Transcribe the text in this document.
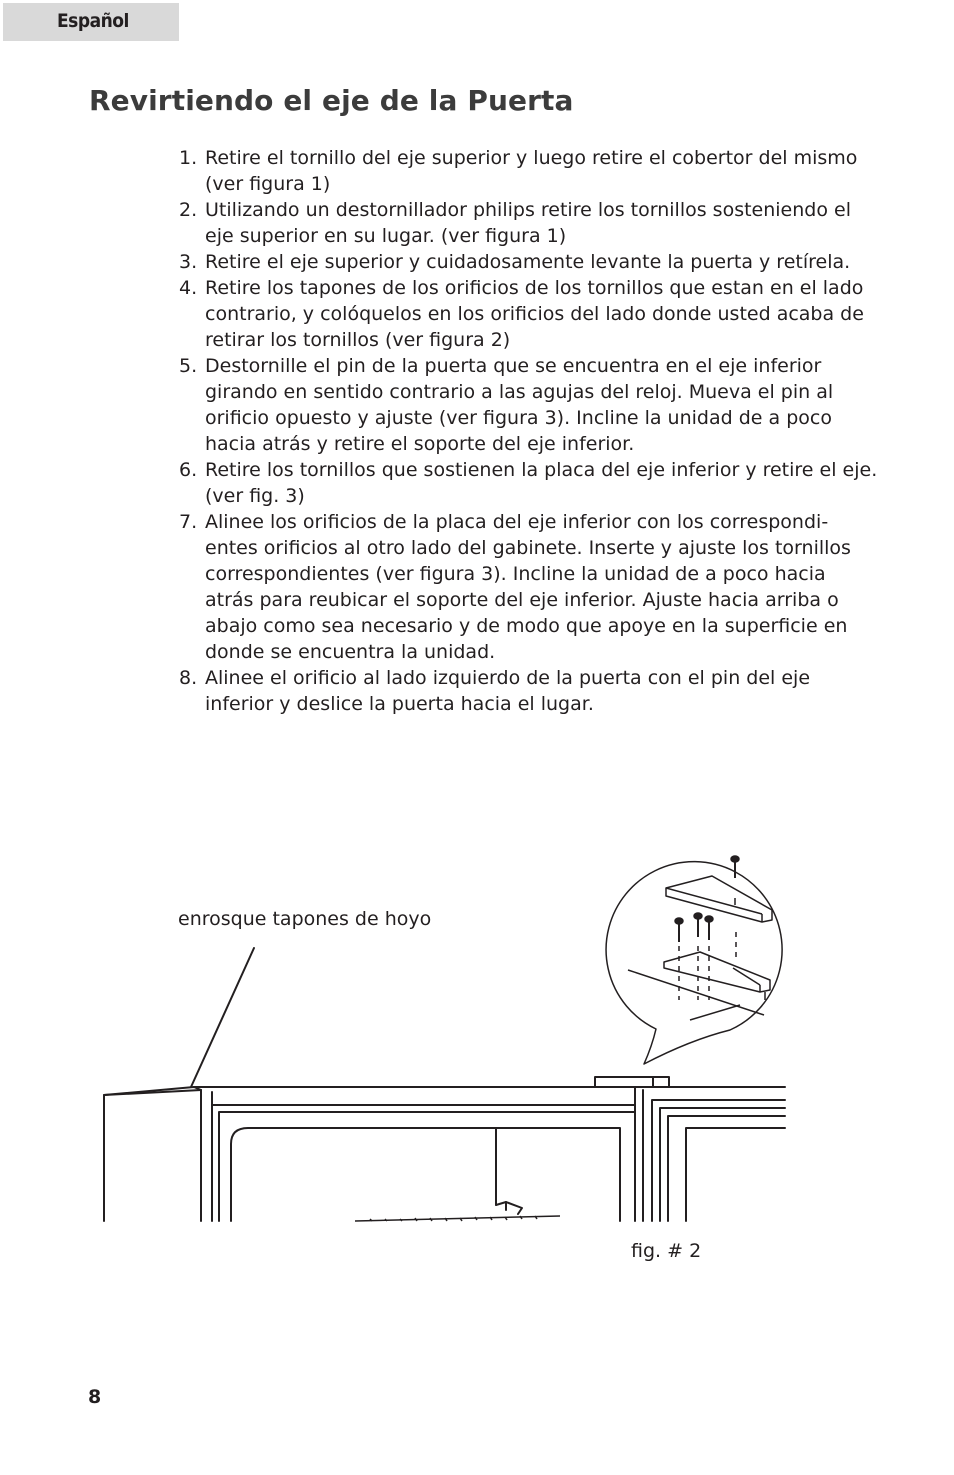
Español
Revirtiendo el eje de la Puerta
1. Retire el tornillo del eje superior y luego retire el cobertor del mismo (ver figura 1)
2. Utilizando un destornillador philips retire los tornillos sosteniendo el eje superior en su lugar. (ver figura 1)
3. Retire el eje superior y cuidadosamente levante la puerta y retírela.
4. Retire los tapones de los orificios de los tornillos que estan en el lado contrario, y colóquelos en los orificios del lado donde usted acaba de retirar los tornillos (ver figura 2)
5. Destornille el pin de la puerta que se encuentra en el eje inferior girando en sentido contrario a las agujas del reloj. Mueva el pin al orificio opuesto y ajuste (ver figura 3). Incline la unidad de a poco hacia atrás y retire el soporte del eje inferior.
6. Retire los tornillos que sostienen la placa del eje inferior y retire el eje. (ver fig. 3)
7. Alinee los orificios de la placa del eje inferior con los correspondi-entes orificios al otro lado del gabinete. Inserte y ajuste los tornillos correspondientes (ver figura 3). Incline la unidad de a poco hacia atrás para reubicar el soporte del eje inferior. Ajuste hacia arriba o abajo como sea necesario y de modo que apoye en la superficie en donde se encuentra la unidad.
8. Alinee el orificio al lado izquierdo de la puerta con el pin del eje inferior y deslice la puerta hacia el lugar.
enrosque tapones de hoyo
fig. # 2
8
